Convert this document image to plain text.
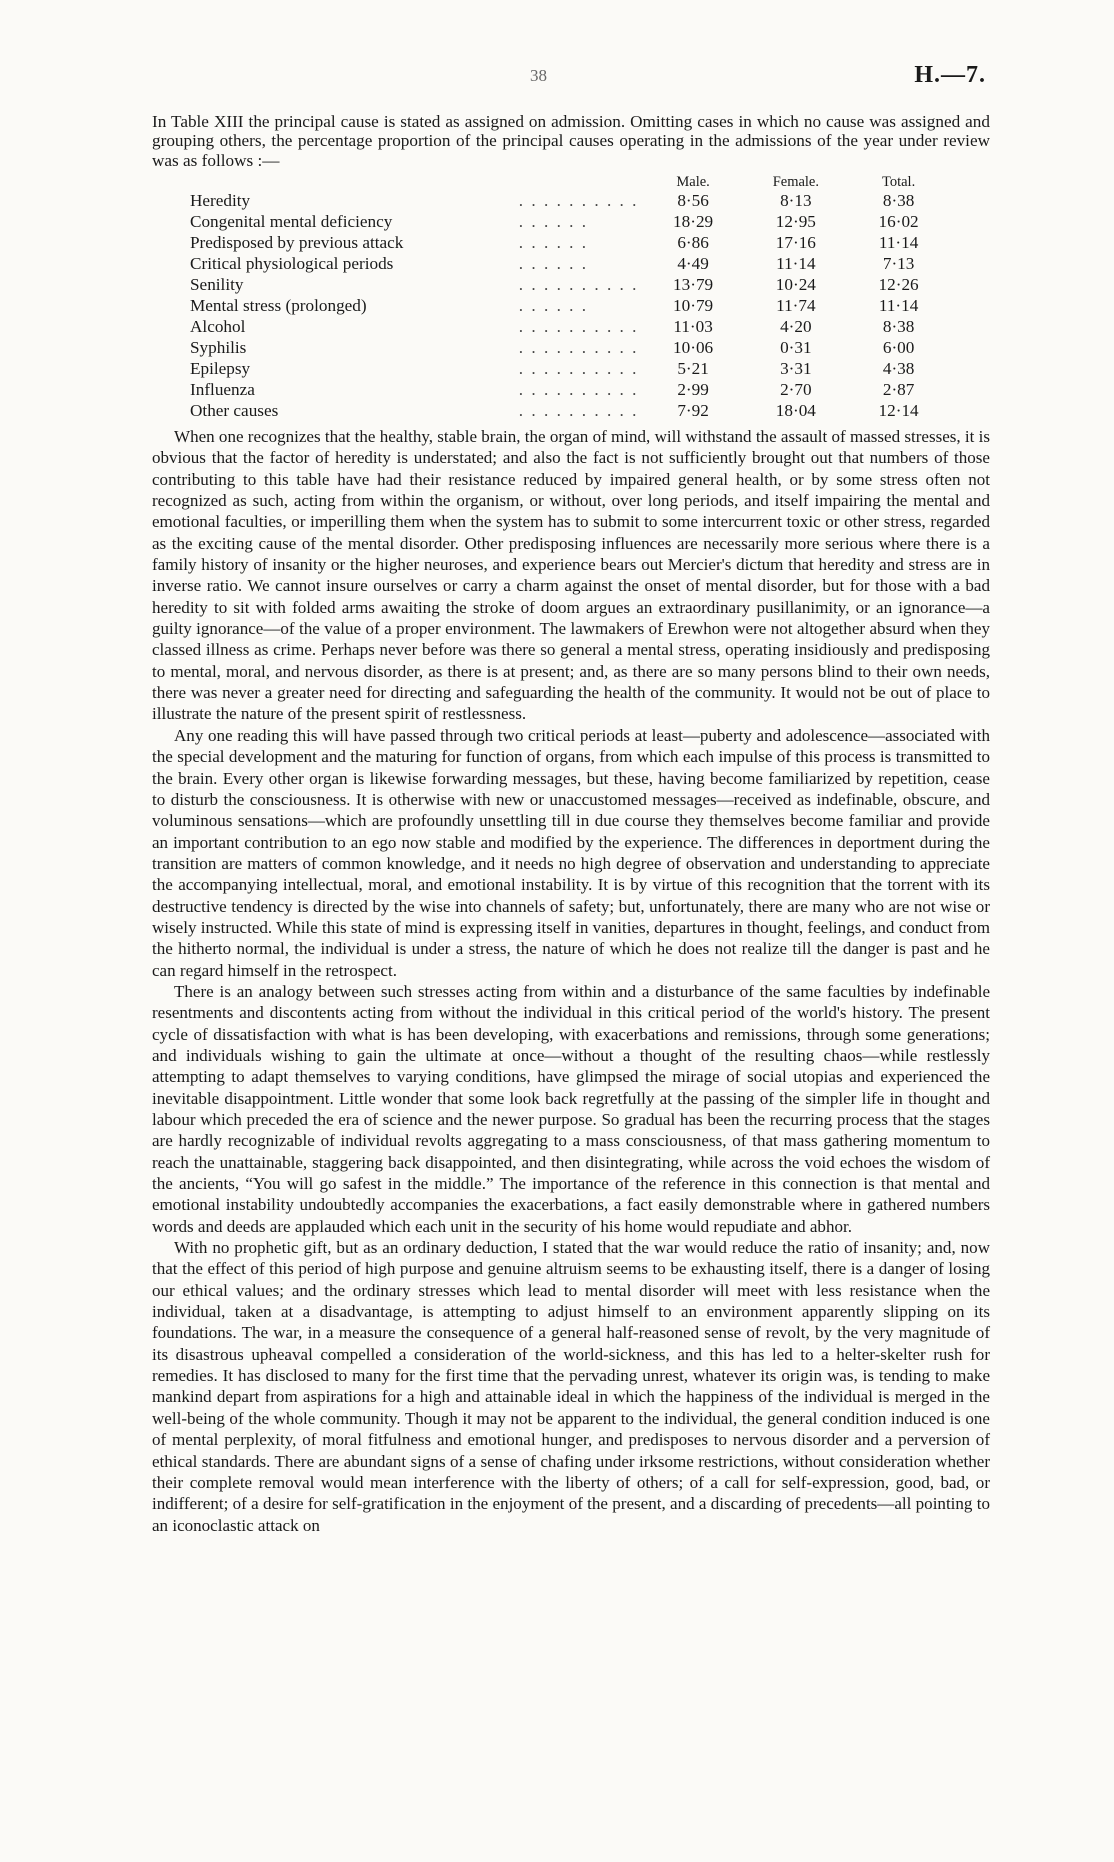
38	H.—7.
In Table XIII the principal cause is stated as assigned on admission. Omitting cases in which no cause was assigned and grouping others, the percentage proportion of the principal causes operating in the admissions of the year under review was as follows :—
		Male.	Female.	Total.
Heredity	. . . . . . . . . .	8·56	8·13	8·38
Congenital mental deficiency	. . . . . .	18·29	12·95	16·02
Predisposed by previous attack	. . . . . .	6·86	17·16	11·14
Critical physiological periods	. . . . . .	4·49	11·14	7·13
Senility	. . . . . . . . . .	13·79	10·24	12·26
Mental stress (prolonged)	. . . . . .	10·79	11·74	11·14
Alcohol	. . . . . . . . . .	11·03	4·20	8·38
Syphilis	. . . . . . . . . .	10·06	0·31	6·00
Epilepsy	. . . . . . . . . .	5·21	3·31	4·38
Influenza	. . . . . . . . . .	2·99	2·70	2·87
Other causes	. . . . . . . . . .	7·92	18·04	12·14

When one recognizes that the healthy, stable brain, the organ of mind, will withstand the assault of massed stresses, it is obvious that the factor of heredity is understated; and also the fact is not sufficiently brought out that numbers of those contributing to this table have had their resistance reduced by impaired general health, or by some stress often not recognized as such, acting from within the organism, or without, over long periods, and itself impairing the mental and emotional faculties, or imperilling them when the system has to submit to some intercurrent toxic or other stress, regarded as the exciting cause of the mental disorder. Other predisposing influences are necessarily more serious where there is a family history of insanity or the higher neuroses, and experience bears out Mercier's dictum that heredity and stress are in inverse ratio. We cannot insure ourselves or carry a charm against the onset of mental disorder, but for those with a bad heredity to sit with folded arms awaiting the stroke of doom argues an extraordinary pusillanimity, or an ignorance—a guilty ignorance—of the value of a proper environment. The lawmakers of Erewhon were not altogether absurd when they classed illness as crime. Perhaps never before was there so general a mental stress, operating insidiously and predisposing to mental, moral, and nervous disorder, as there is at present; and, as there are so many persons blind to their own needs, there was never a greater need for directing and safeguarding the health of the community. It would not be out of place to illustrate the nature of the present spirit of restlessness.

Any one reading this will have passed through two critical periods at least—puberty and adolescence—associated with the special development and the maturing for function of organs, from which each impulse of this process is transmitted to the brain. Every other organ is likewise forwarding messages, but these, having become familiarized by repetition, cease to disturb the consciousness. It is otherwise with new or unaccustomed messages—received as indefinable, obscure, and voluminous sensations—which are profoundly unsettling till in due course they themselves become familiar and provide an important contribution to an ego now stable and modified by the experience. The differences in deportment during the transition are matters of common knowledge, and it needs no high degree of observation and understanding to appreciate the accompanying intellectual, moral, and emotional instability. It is by virtue of this recognition that the torrent with its destructive tendency is directed by the wise into channels of safety; but, unfortunately, there are many who are not wise or wisely instructed. While this state of mind is expressing itself in vanities, departures in thought, feelings, and conduct from the hitherto normal, the individual is under a stress, the nature of which he does not realize till the danger is past and he can regard himself in the retrospect.

There is an analogy between such stresses acting from within and a disturbance of the same faculties by indefinable resentments and discontents acting from without the individual in this critical period of the world's history. The present cycle of dissatisfaction with what is has been developing, with exacerbations and remissions, through some generations; and individuals wishing to gain the ultimate at once—without a thought of the resulting chaos—while restlessly attempting to adapt themselves to varying conditions, have glimpsed the mirage of social utopias and experienced the inevitable disappointment. Little wonder that some look back regretfully at the passing of the simpler life in thought and labour which preceded the era of science and the newer purpose. So gradual has been the recurring process that the stages are hardly recognizable of individual revolts aggregating to a mass consciousness, of that mass gathering momentum to reach the unattainable, staggering back disappointed, and then disintegrating, while across the void echoes the wisdom of the ancients, “You will go safest in the middle.” The importance of the reference in this connection is that mental and emotional instability undoubtedly accompanies the exacerbations, a fact easily demonstrable where in gathered numbers words and deeds are applauded which each unit in the security of his home would repudiate and abhor.

With no prophetic gift, but as an ordinary deduction, I stated that the war would reduce the ratio of insanity; and, now that the effect of this period of high purpose and genuine altruism seems to be exhausting itself, there is a danger of losing our ethical values; and the ordinary stresses which lead to mental disorder will meet with less resistance when the individual, taken at a disadvantage, is attempting to adjust himself to an environment apparently slipping on its foundations. The war, in a measure the consequence of a general half-reasoned sense of revolt, by the very magnitude of its disastrous upheaval compelled a consideration of the world-sickness, and this has led to a helter-skelter rush for remedies. It has disclosed to many for the first time that the pervading unrest, whatever its origin was, is tending to make mankind depart from aspirations for a high and attainable ideal in which the happiness of the individual is merged in the well-being of the whole community. Though it may not be apparent to the individual, the general condition induced is one of mental perplexity, of moral fitfulness and emotional hunger, and predisposes to nervous disorder and a perversion of ethical standards. There are abundant signs of a sense of chafing under irksome restrictions, without consideration whether their complete removal would mean interference with the liberty of others; of a call for self-expression, good, bad, or indifferent; of a desire for self-gratification in the enjoyment of the present, and a discarding of precedents—all pointing to an iconoclastic attack on
